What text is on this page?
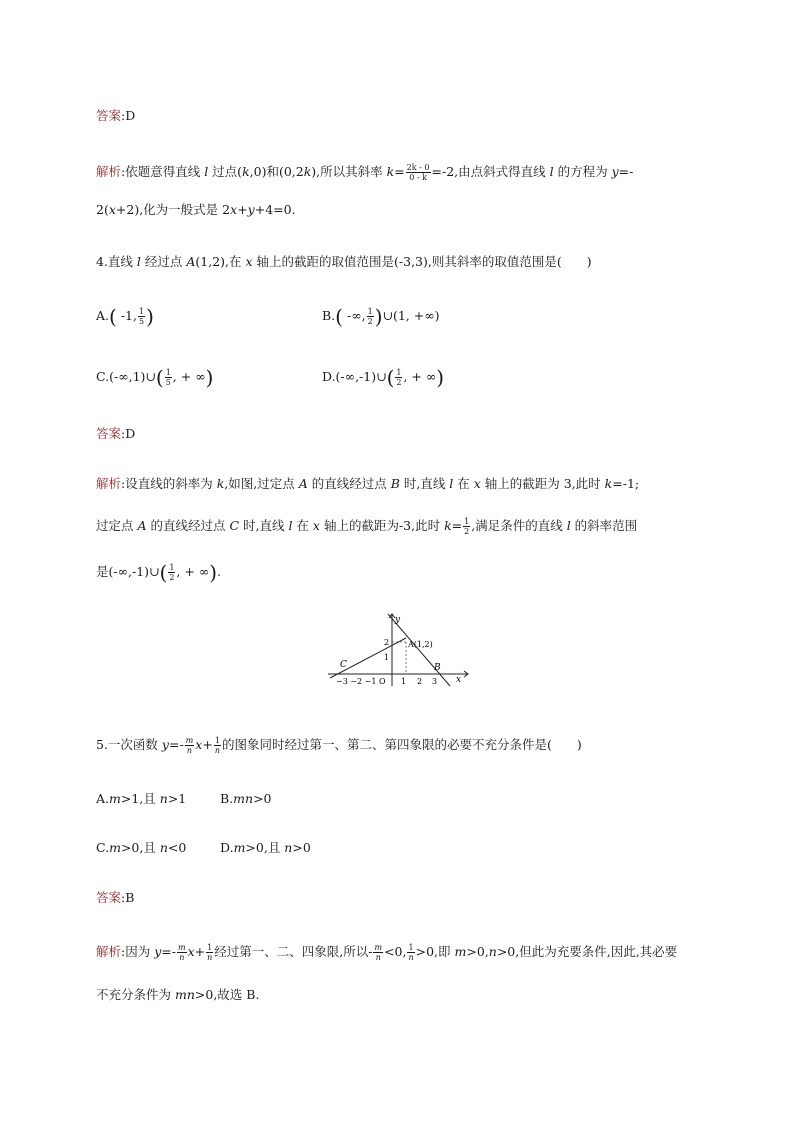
答案:D
解析:依题意得直线 l 过点(k,0)和(0,2k),所以其斜率 $k= \frac{2k - 0}{0 - k} =-2$,由点斜式得直线 l 的方程为 y=-
2(x+2),化为一般式是 2x+y+4=0.
4.直线 l 经过点 A(1,2),在 x 轴上的截距的取值范围是(-3,3),则其斜率的取值范围是(　　)
A.( -1, $\frac{1}{5}$ )	B.( -∞, $\frac{1}{2}$ )∪(1, +∞)
C.(-∞,1)∪( $\frac{1}{5}$ , + ∞)	D.(-∞,-1)∪( $\frac{1}{2}$ , + ∞)
答案:D
解析:设直线的斜率为 k,如图,过定点 A 的直线经过点 B 时,直线 l 在 x 轴上的截距为 3,此时 k=-1;
过定点 A 的直线经过点 C 时,直线 l 在 x 轴上的截距为-3,此时 $k= \frac{1}{2}$ ,满足条件的直线 l 的斜率范围
是(-∞,-1)∪( $\frac{1}{2}$ , + ∞).
y
x
2
1
A(1,2)
B
C
−3 −2 −1 O 1 2 3
5.一次函数 $y=- \frac{m}{n} x+ \frac{1}{n}$ 的图象同时经过第一、第二、第四象限的必要不充分条件是(　　)
A.m>1,且 n>1	B.mn>0
C.m>0,且 n<0	D.m>0,且 n>0
答案:B
解析:因为 $y=- \frac{m}{n} x+ \frac{1}{n}$ 经过第一、二、四象限,所以- $\frac{m}{n} <0$, $\frac{1}{n} >0$,即 m>0,n>0,但此为充要条件,因此,其必要
不充分条件为 mn>0,故选 B.
